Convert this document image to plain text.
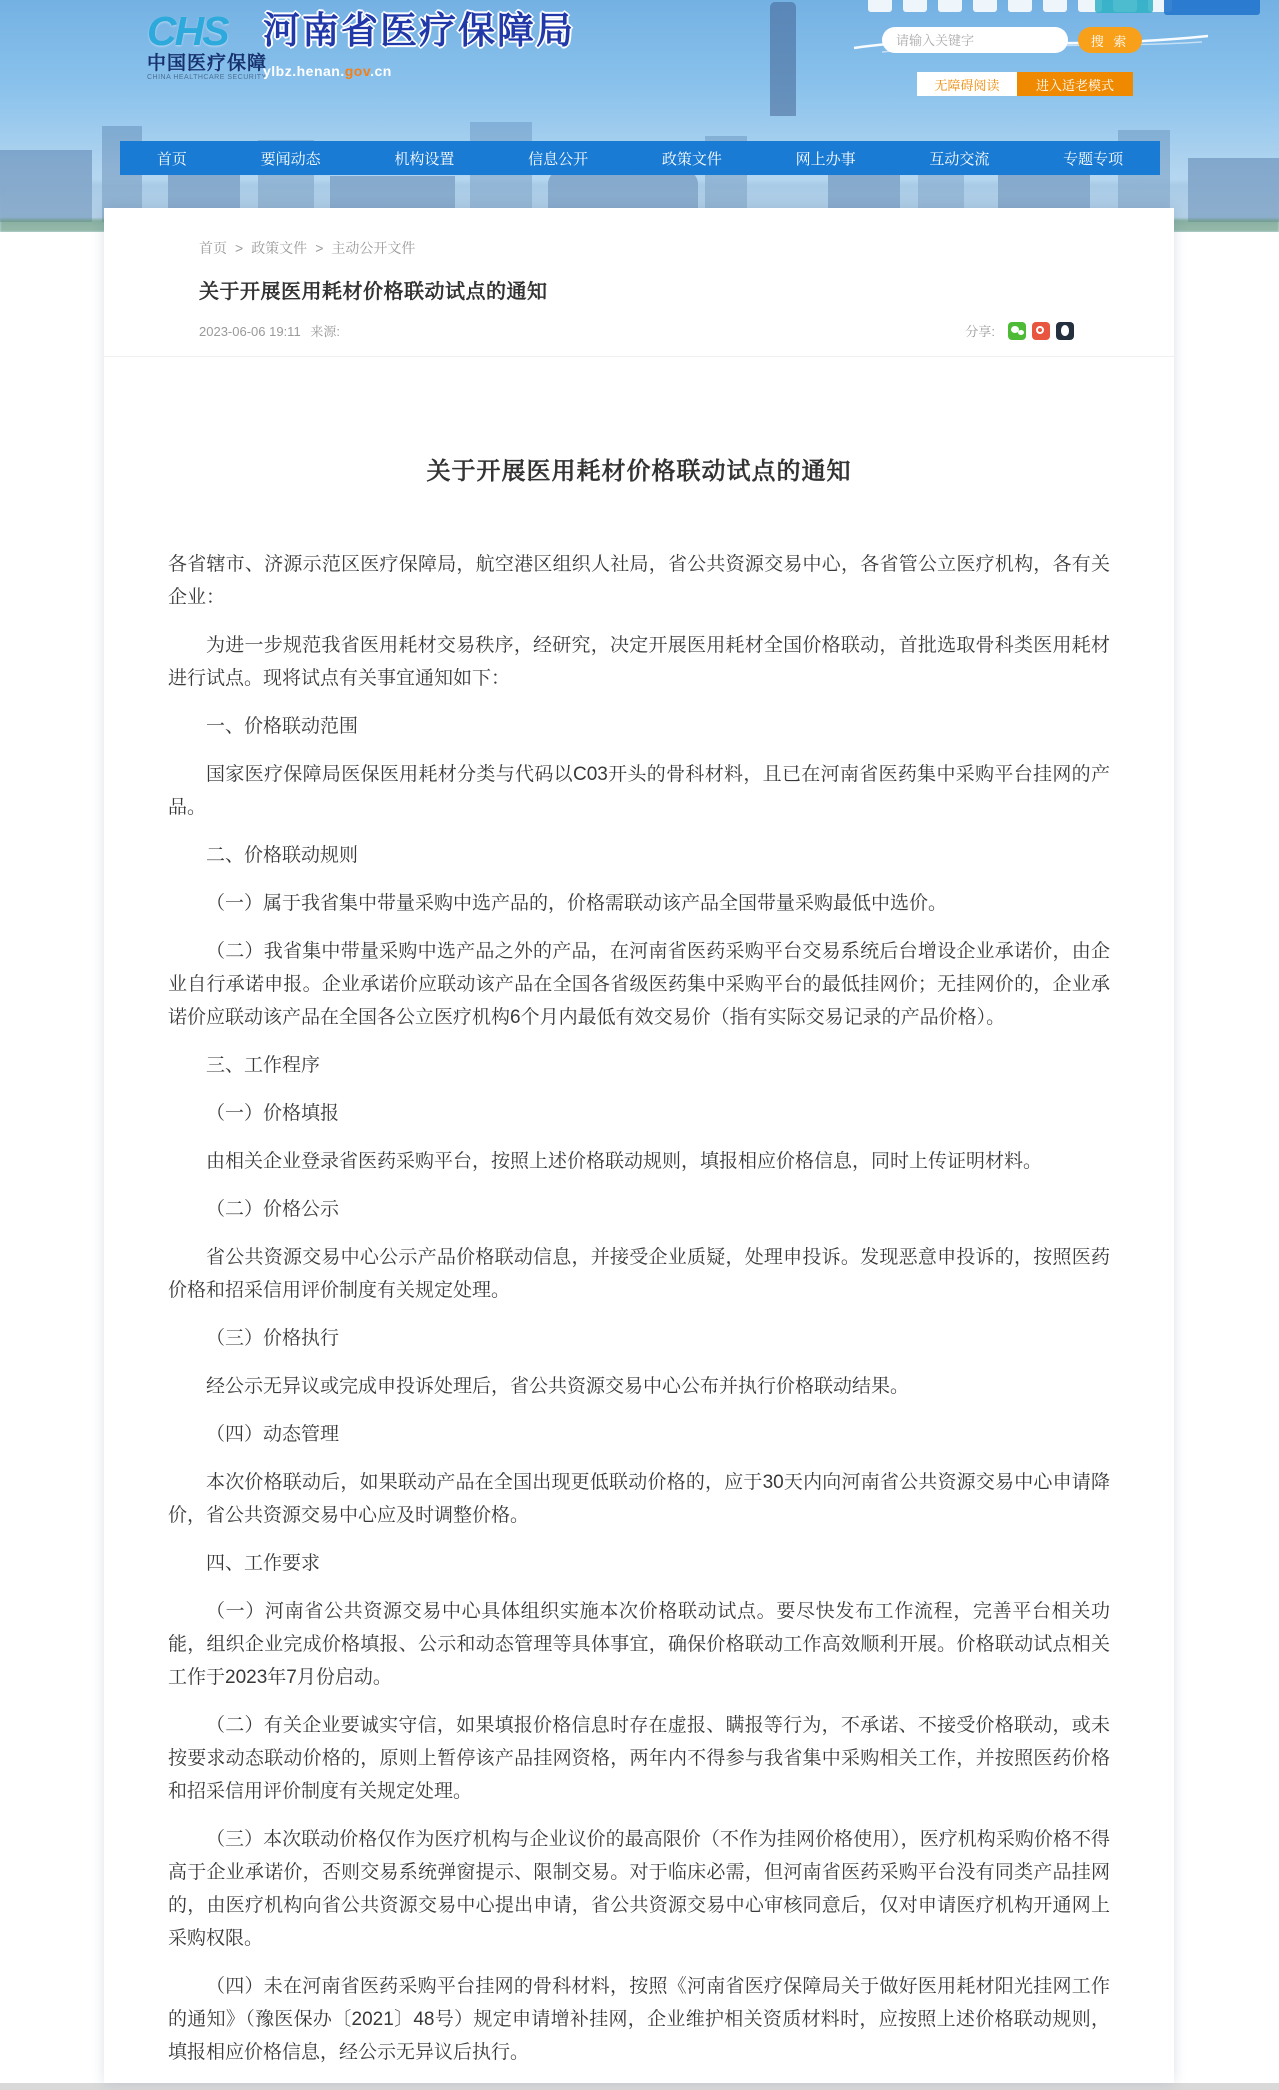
CHS
中国医疗保障
CHINA HEALTHCARE SECURITY
河南省医疗保障局
ylbz.henan.gov.cn
请输入关键字
搜 索
无障碍阅读	进入适老模式
首页	要闻动态	机构设置	信息公开	政策文件	网上办事	互动交流	专题专项
首页 > 政策文件 > 主动公开文件
关于开展医用耗材价格联动试点的通知
2023-06-06 19:11 来源:	分享:
关于开展医用耗材价格联动试点的通知

各省辖市、济源示范区医疗保障局，航空港区组织人社局，省公共资源交易中心，各省管公立医疗机构，各有关企业：

为进一步规范我省医用耗材交易秩序，经研究，决定开展医用耗材全国价格联动，首批选取骨科类医用耗材进行试点。现将试点有关事宜通知如下：

一、价格联动范围

国家医疗保障局医保医用耗材分类与代码以C03开头的骨科材料，且已在河南省医药集中采购平台挂网的产品。

二、价格联动规则

（一）属于我省集中带量采购中选产品的，价格需联动该产品全国带量采购最低中选价。

（二）我省集中带量采购中选产品之外的产品，在河南省医药采购平台交易系统后台增设企业承诺价，由企业自行承诺申报。企业承诺价应联动该产品在全国各省级医药集中采购平台的最低挂网价；无挂网价的，企业承诺价应联动该产品在全国各公立医疗机构6个月内最低有效交易价（指有实际交易记录的产品价格）。

三、工作程序

（一）价格填报

由相关企业登录省医药采购平台，按照上述价格联动规则，填报相应价格信息，同时上传证明材料。

（二）价格公示

省公共资源交易中心公示产品价格联动信息，并接受企业质疑，处理申投诉。发现恶意申投诉的，按照医药价格和招采信用评价制度有关规定处理。

（三）价格执行

经公示无异议或完成申投诉处理后，省公共资源交易中心公布并执行价格联动结果。

（四）动态管理

本次价格联动后，如果联动产品在全国出现更低联动价格的，应于30天内向河南省公共资源交易中心申请降价，省公共资源交易中心应及时调整价格。

四、工作要求

（一）河南省公共资源交易中心具体组织实施本次价格联动试点。要尽快发布工作流程，完善平台相关功能，组织企业完成价格填报、公示和动态管理等具体事宜，确保价格联动工作高效顺利开展。价格联动试点相关工作于2023年7月份启动。

（二）有关企业要诚实守信，如果填报价格信息时存在虚报、瞒报等行为，不承诺、不接受价格联动，或未按要求动态联动价格的，原则上暂停该产品挂网资格，两年内不得参与我省集中采购相关工作，并按照医药价格和招采信用评价制度有关规定处理。

（三）本次联动价格仅作为医疗机构与企业议价的最高限价（不作为挂网价格使用），医疗机构采购价格不得高于企业承诺价，否则交易系统弹窗提示、限制交易。对于临床必需，但河南省医药采购平台没有同类产品挂网的，由医疗机构向省公共资源交易中心提出申请，省公共资源交易中心审核同意后，仅对申请医疗机构开通网上采购权限。

（四）未在河南省医药采购平台挂网的骨科材料，按照《河南省医疗保障局关于做好医用耗材阳光挂网工作的通知》（豫医保办〔2021〕48号）规定申请增补挂网，企业维护相关资质材料时，应按照上述价格联动规则，填报相应价格信息，经公示无异议后执行。
